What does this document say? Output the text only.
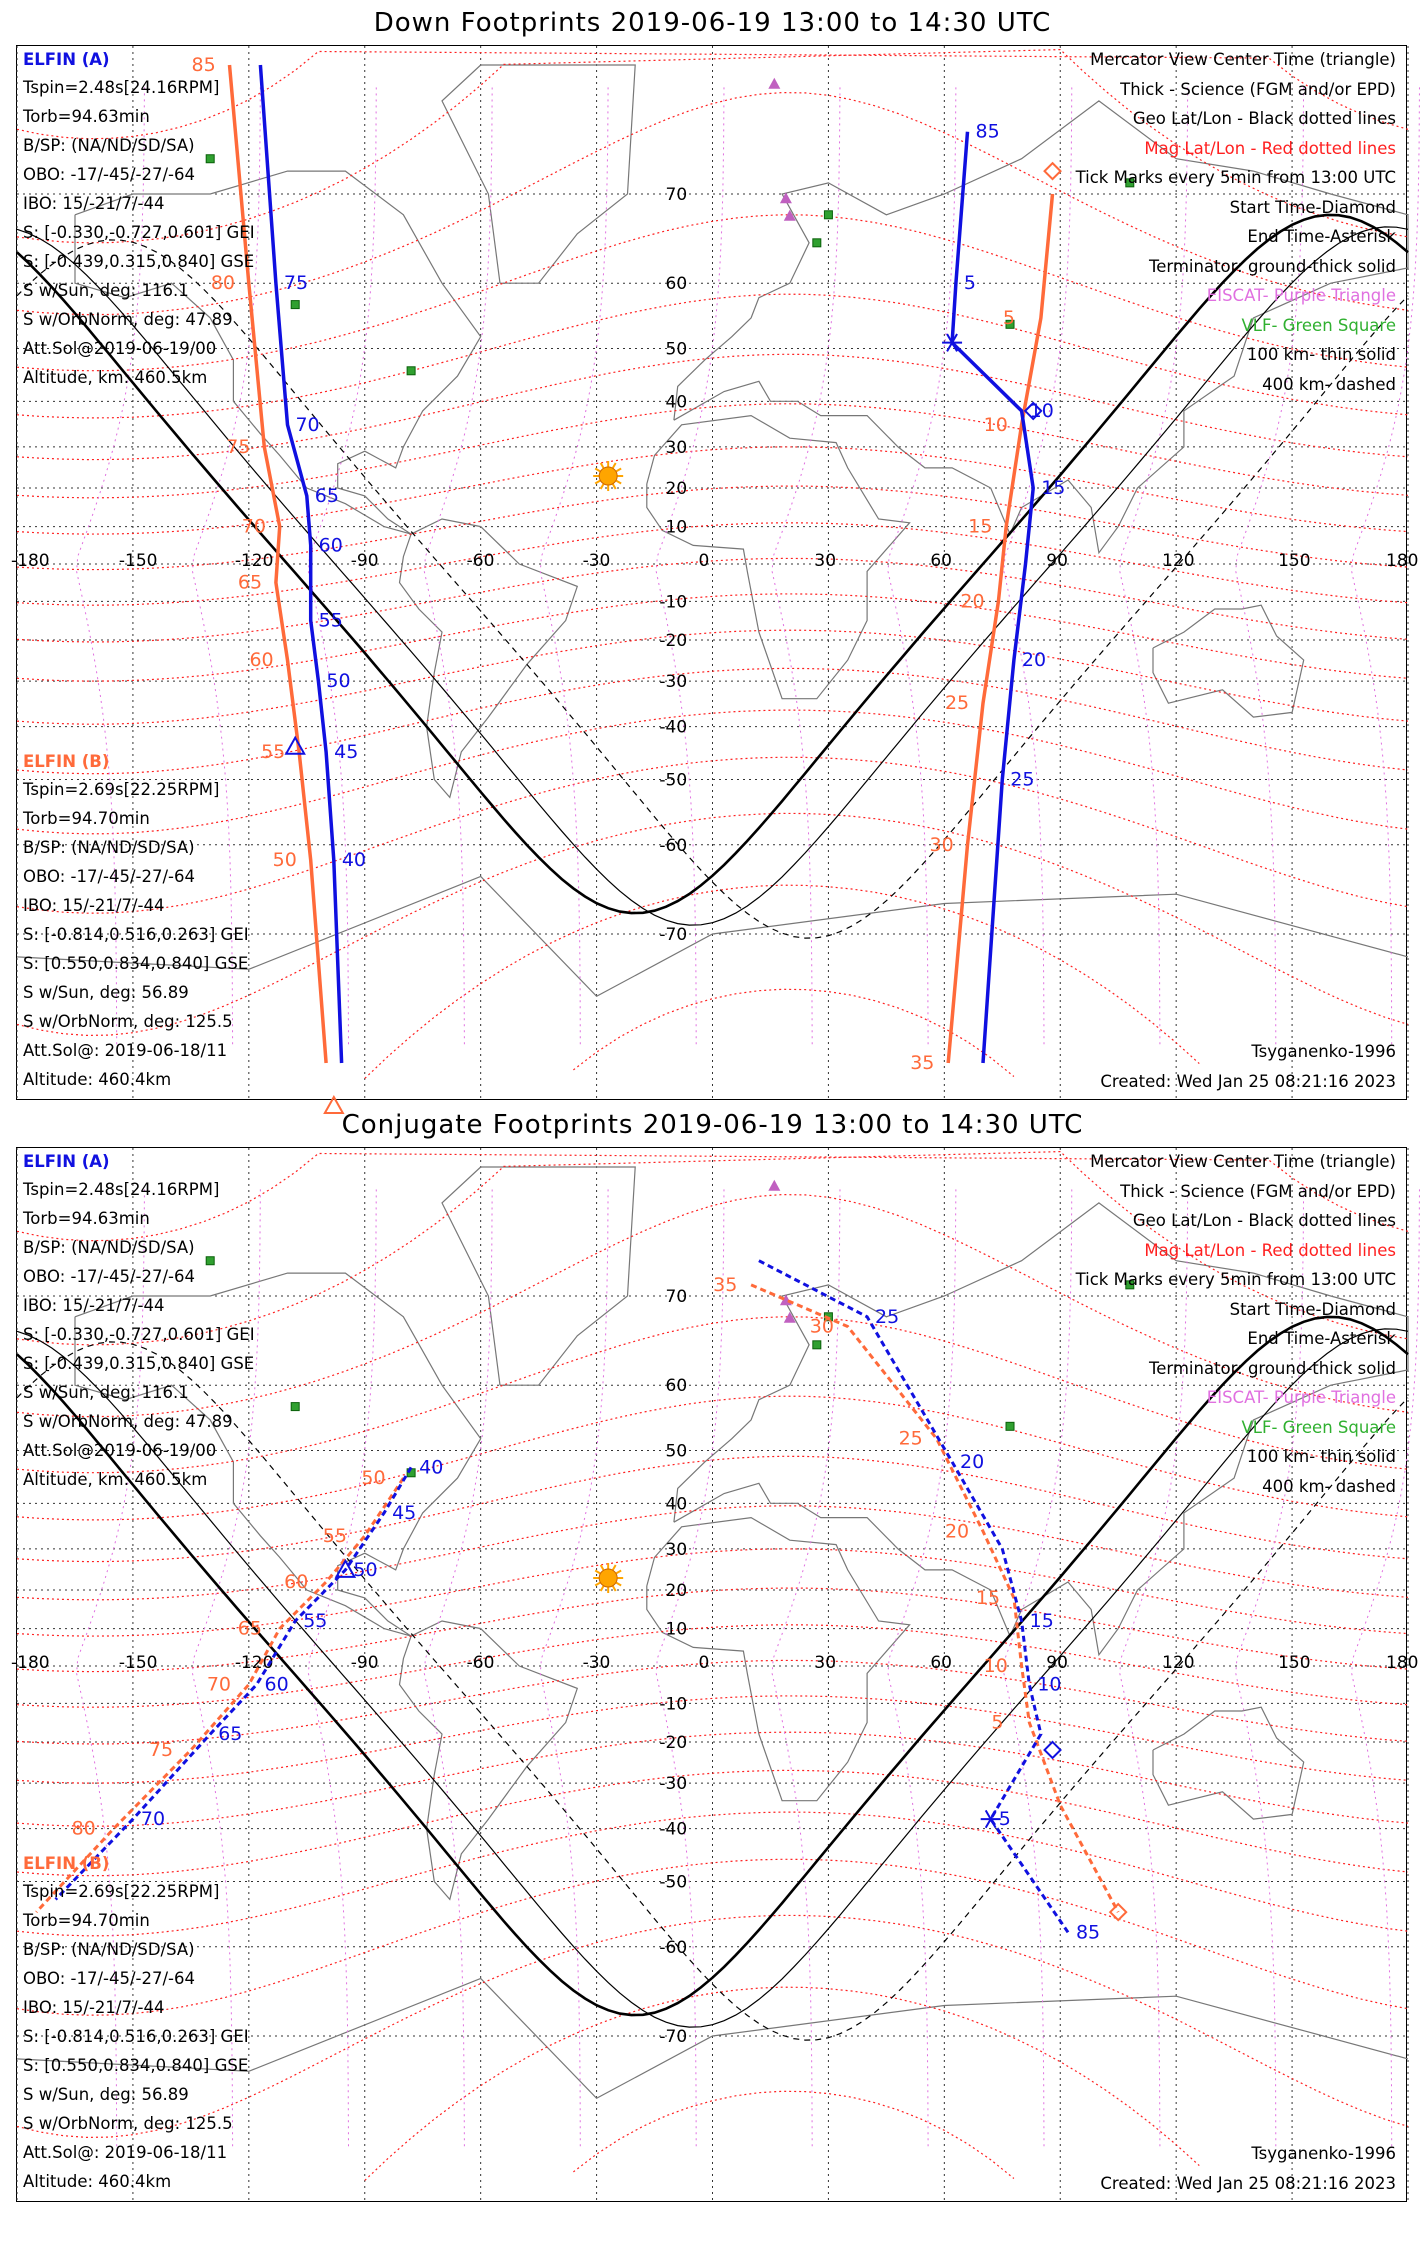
Down Footprints 2019-06-19 13:00 to 14:30 UTC
-180	-150	-120	-90	-60	-30	0	30	60	90	120	150	180
70
60
50
40
30
20
10
-10
-20
-30
-40
-50
-60
-70
75
70
65
60
55
50
45
40
85
80
75
70
65
60
55
50
85
5
10
15
20
25
5
10
15
20
25
30
35
ELFIN (A)
Tspin=2.48s[24.16RPM]
Torb=94.63min
B/SP: (NA/ND/SD/SA)
OBO: -17/-45/-27/-64
IBO: 15/-21/7/-44
S: [-0.330,-0.727,0.601] GEI
S: [-0.439,0.315,0.840] GSE
S w/Sun, deg: 116.1
S w/OrbNorm, deg: 47.89
Att.Sol@2019-06-19/00
Altitude, km: 460.5km
ELFIN (B)
Tspin=2.69s[22.25RPM]
Torb=94.70min
B/SP: (NA/ND/SD/SA)
OBO: -17/-45/-27/-64
IBO: 15/-21/7/-44
S: [-0.814,0.516,0.263] GEI
S: [0.550,0.834,0.840] GSE
S w/Sun, deg: 56.89
S w/OrbNorm, deg: 125.5
Att.Sol@: 2019-06-18/11
Altitude: 460.4km
Mercator View Center Time (triangle)
Thick - Science (FGM and/or EPD)
Geo Lat/Lon - Black dotted lines
Mag Lat/Lon - Red dotted lines
Tick Marks every 5min from 13:00 UTC
Start Time-Diamond
End Time-Asterisk
Terminator: ground-thick solid
EISCAT- Purple Triangle
VLF- Green Square
100 km- thin solid
400 km- dashed
Tsyganenko-1996
Created: Wed Jan 25 08:21:16 2023
Conjugate Footprints 2019-06-19 13:00 to 14:30 UTC
-180	-150	-120	-90	-60	-30	0	30	60	90	120	150	180
70
60
50
40
30
20
10
-10
-20
-30
-40
-50
-60
-70
40
45
50
55
60
65
70
50
55
60
65
70
75
80
25
20
15
10
5
85
35
30
25
20
15
10
5
ELFIN (A)
Tspin=2.48s[24.16RPM]
Torb=94.63min
B/SP: (NA/ND/SD/SA)
OBO: -17/-45/-27/-64
IBO: 15/-21/7/-44
S: [-0.330,-0.727,0.601] GEI
S: [-0.439,0.315,0.840] GSE
S w/Sun, deg: 116.1
S w/OrbNorm, deg: 47.89
Att.Sol@2019-06-19/00
Altitude, km: 460.5km
ELFIN (B)
Tspin=2.69s[22.25RPM]
Torb=94.70min
B/SP: (NA/ND/SD/SA)
OBO: -17/-45/-27/-64
IBO: 15/-21/7/-44
S: [-0.814,0.516,0.263] GEI
S: [0.550,0.834,0.840] GSE
S w/Sun, deg: 56.89
S w/OrbNorm, deg: 125.5
Att.Sol@: 2019-06-18/11
Altitude: 460.4km
Mercator View Center Time (triangle)
Thick - Science (FGM and/or EPD)
Geo Lat/Lon - Black dotted lines
Mag Lat/Lon - Red dotted lines
Tick Marks every 5min from 13:00 UTC
Start Time-Diamond
End Time-Asterisk
Terminator: ground-thick solid
EISCAT- Purple Triangle
VLF- Green Square
100 km- thin solid
400 km- dashed
Tsyganenko-1996
Created: Wed Jan 25 08:21:16 2023
